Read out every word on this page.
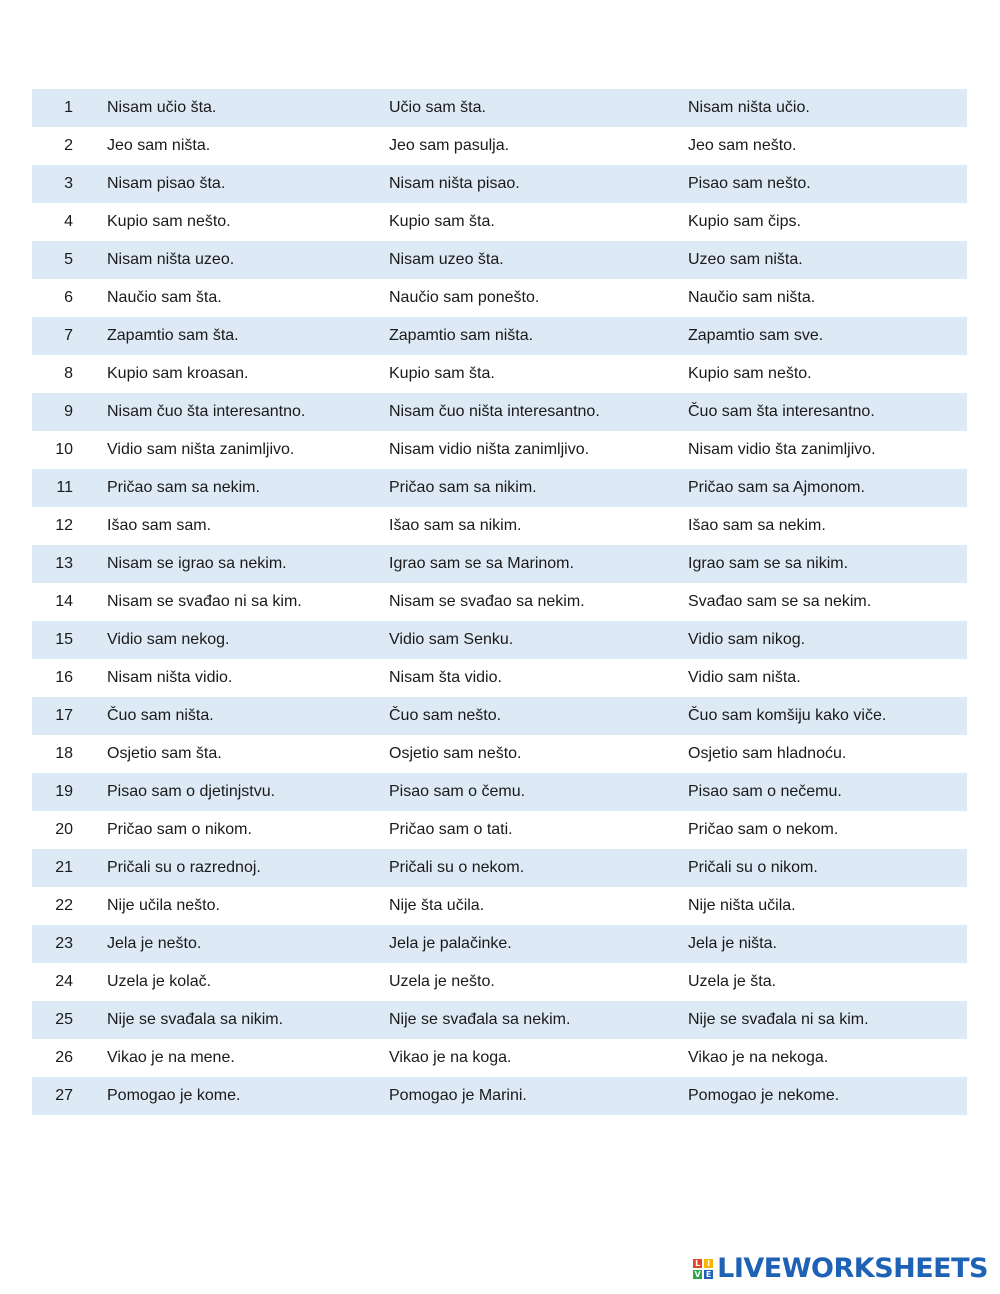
1 Nisam učio šta.	Učio sam šta.	Nisam ništa učio.
2 Jeo sam ništa.	Jeo sam pasulja.	Jeo sam nešto.
3 Nisam pisao šta.	Nisam ništa pisao.	Pisao sam nešto.
4 Kupio sam nešto.	Kupio sam šta.	Kupio sam čips.
5 Nisam ništa uzeo.	Nisam uzeo šta.	Uzeo sam ništa.
6 Naučio sam šta.	Naučio sam ponešto.	Naučio sam ništa.
7 Zapamtio sam šta.	Zapamtio sam ništa.	Zapamtio sam sve.
8 Kupio sam kroasan.	Kupio sam šta.	Kupio sam nešto.
9 Nisam čuo šta interesantno.	Nisam čuo ništa interesantno.	Čuo sam šta interesantno.
10 Vidio sam ništa zanimljivo.	Nisam vidio ništa zanimljivo.	Nisam vidio šta zanimljivo.
11 Pričao sam sa nekim.	Pričao sam sa nikim.	Pričao sam sa Ajmonom.
12 Išao sam sam.	Išao sam sa nikim.	Išao sam sa nekim.
13 Nisam se igrao sa nekim.	Igrao sam se sa Marinom.	Igrao sam se sa nikim.
14 Nisam se svađao ni sa kim.	Nisam se svađao sa nekim.	Svađao sam se sa nekim.
15 Vidio sam nekog.	Vidio sam Senku.	Vidio sam nikog.
16 Nisam ništa vidio.	Nisam šta vidio.	Vidio sam ništa.
17 Čuo sam ništa.	Čuo sam nešto.	Čuo sam komšiju kako viče.
18 Osjetio sam šta.	Osjetio sam nešto.	Osjetio sam hladnoću.
19 Pisao sam o djetinjstvu.	Pisao sam o čemu.	Pisao sam o nečemu.
20 Pričao sam o nikom.	Pričao sam o tati.	Pričao sam o nekom.
21 Pričali su o razrednoj.	Pričali su o nekom.	Pričali su o nikom.
22 Nije učila nešto.	Nije šta učila.	Nije ništa učila.
23 Jela je nešto.	Jela je palačinke.	Jela je ništa.
24 Uzela je kolač.	Uzela je nešto.	Uzela je šta.
25 Nije se svađala sa nikim.	Nije se svađala sa nekim.	Nije se svađala ni sa kim.
26 Vikao je na mene.	Vikao je na koga.	Vikao je na nekoga.
27 Pomogao je kome.	Pomogao je Marini.	Pomogao je nekome.
L I
V E LIVEWORKSHEETS
